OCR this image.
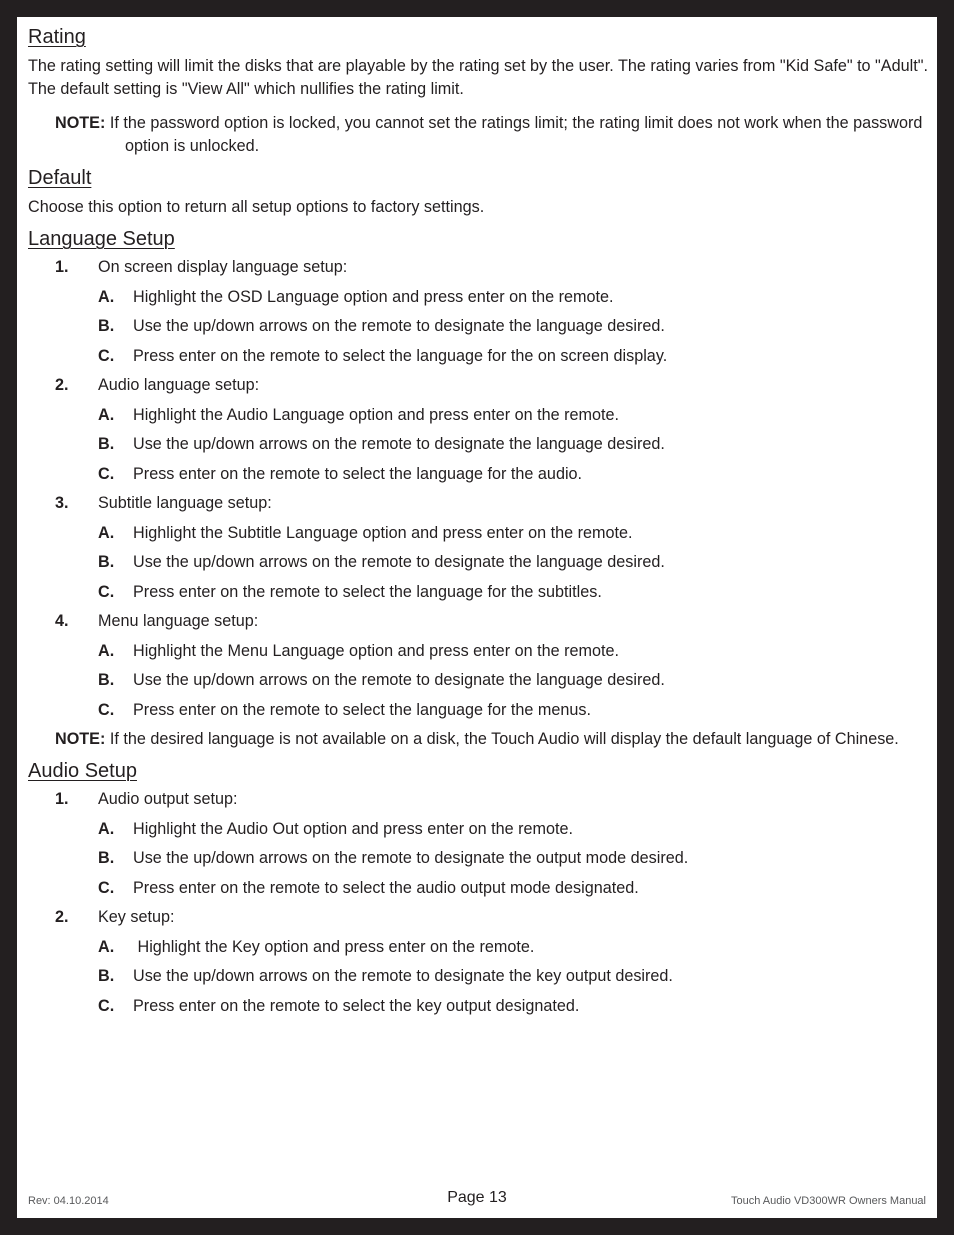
Rating

The rating setting will limit the disks that are playable by the rating set by the user. The rating varies from "Kid Safe" to "Adult". The default setting is "View All" which nullifies the rating limit.

NOTE: If the password option is locked, you cannot set the ratings limit; the rating limit does not work when the password option is unlocked.
Default

Choose this option to return all setup options to factory settings.

Language Setup
1. On screen display language setup:
A. Highlight the OSD Language option and press enter on the remote.
B. Use the up/down arrows on the remote to designate the language desired.
C. Press enter on the remote to select the language for the on screen display.
2. Audio language setup:
A. Highlight the Audio Language option and press enter on the remote.
B. Use the up/down arrows on the remote to designate the language desired.
C. Press enter on the remote to select the language for the audio.
3. Subtitle language setup:
A. Highlight the Subtitle Language option and press enter on the remote.
B. Use the up/down arrows on the remote to designate the language desired.
C. Press enter on the remote to select the language for the subtitles.
4. Menu language setup:
A. Highlight the Menu Language option and press enter on the remote.
B. Use the up/down arrows on the remote to designate the language desired.
C. Press enter on the remote to select the language for the menus.
NOTE: If the desired language is not available on a disk, the Touch Audio will display the default language of Chinese.
Audio Setup
1. Audio output setup:
A. Highlight the Audio Out option and press enter on the remote.
B. Use the up/down arrows on the remote to designate the output mode desired.
C. Press enter on the remote to select the audio output mode designated.
2. Key setup:
A. Highlight the Key option and press enter on the remote.
B. Use the up/down arrows on the remote to designate the key output desired.
C. Press enter on the remote to select the key output designated.
Rev: 04.10.2014	Page 13	Touch Audio VD300WR Owners Manual
